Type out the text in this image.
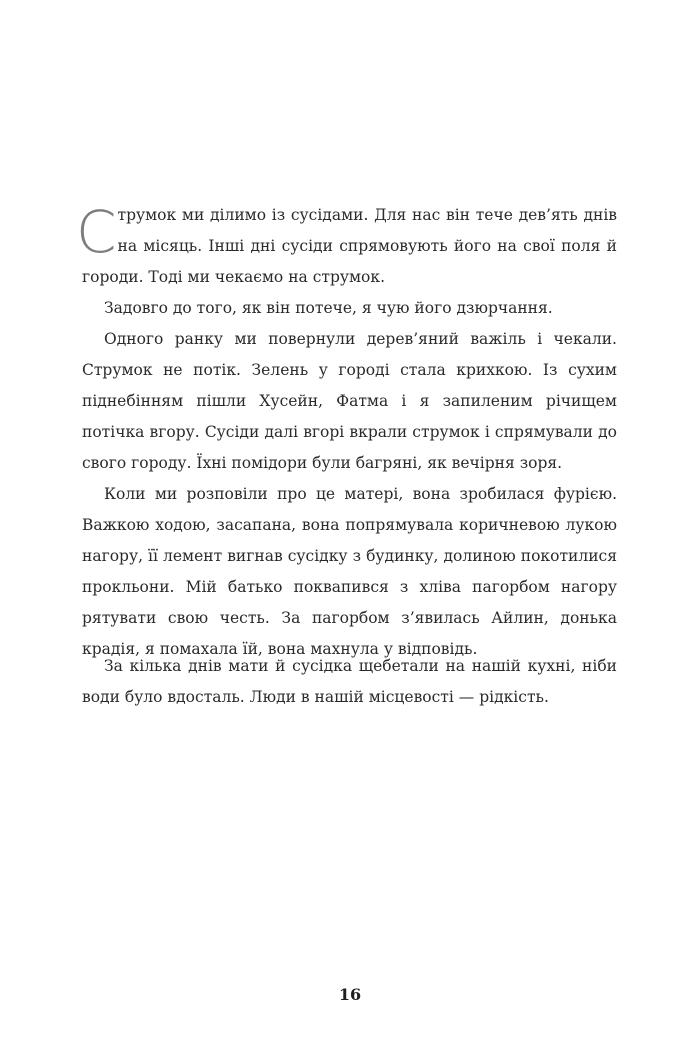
Струмок ми ділимо із сусідами. Для нас він тече дев’ять днів на місяць. Інші дні сусіди спрямовують його на свої поля й городи. Тоді ми чекаємо на струмок.

Задовго до того, як він потече, я чую його дзюрчання.

Одного ранку ми повернули дерев’яний важіль і чекали. Струмок не потік. Зелень у городі стала крихкою. Із сухим піднебінням пішли Хусейн, Фатма і я запиленим річищем потічка вгору. Сусіди далі вгорі вкрали струмок і спрямували до свого городу. Їхні помідори були багряні, як вечірня зоря.

Коли ми розповіли про це матері, вона зробилася фурією. Важкою ходою, засапана, вона попрямувала коричневою лукою нагору, її лемент вигнав сусідку з будинку, долиною покотилися прокльони. Мій батько поквапився з хліва пагорбом нагору рятувати свою честь. За пагорбом з’явилась Айлин, донька крадія, я помахала їй, вона махнула у відповідь.

За кілька днів мати й сусідка щебетали на нашій кухні, ніби води було вдосталь. Люди в нашій місцевості — рідкість.

16
